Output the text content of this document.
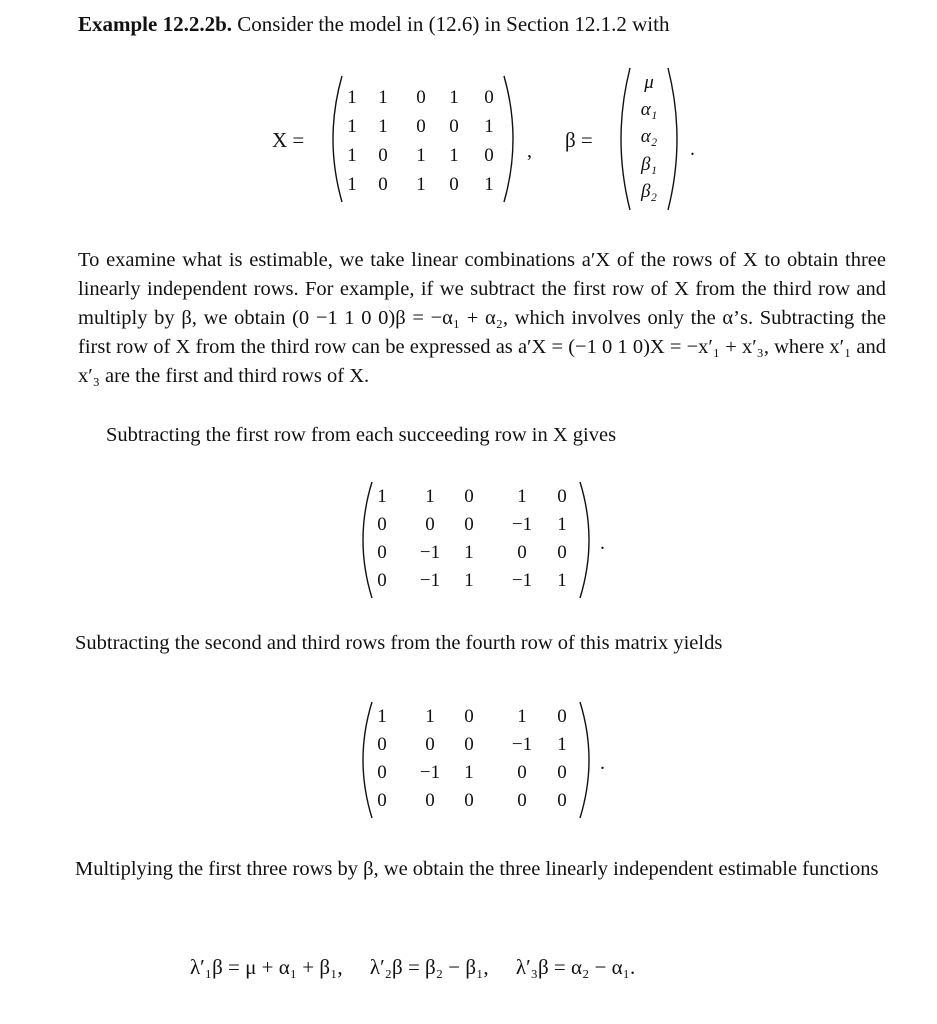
Example 12.2.2b. Consider the model in (12.6) in Section 12.1.2 with
X =
1	1	0	1	0
1	1	0	0	1
1	0	1	1	0
1	0	1	0	1
, β =
μ
α₁
α₂
β₁
β₂
.
To examine what is estimable, we take linear combinations a′X of the rows of X to obtain three linearly independent rows. For example, if we subtract the first row of X from the third row and multiply by β, we obtain (0 −1 1 0 0)β = −α₁ + α₂, which involves only the α’s. Subtracting the first row of X from the third row can be expressed as a′X = (−1 0 1 0)X = −x′₁ + x′₃, where x′₁ and x′₃ are the first and third rows of X.
Subtracting the first row from each succeeding row in X gives
1	1	0	1	0
0	0	0	−1	1
0	−1	1	0	0
0	−1	1	−1	1
.
Subtracting the second and third rows from the fourth row of this matrix yields
1	1	0	1	0
0	0	0	−1	1
0	−1	1	0	0
0	0	0	0	0
.
Multiplying the first three rows by β, we obtain the three linearly independent estimable functions
λ′₁β = μ + α₁ + β₁, λ′₂β = β₂ − β₁, λ′₃β = α₂ − α₁.
